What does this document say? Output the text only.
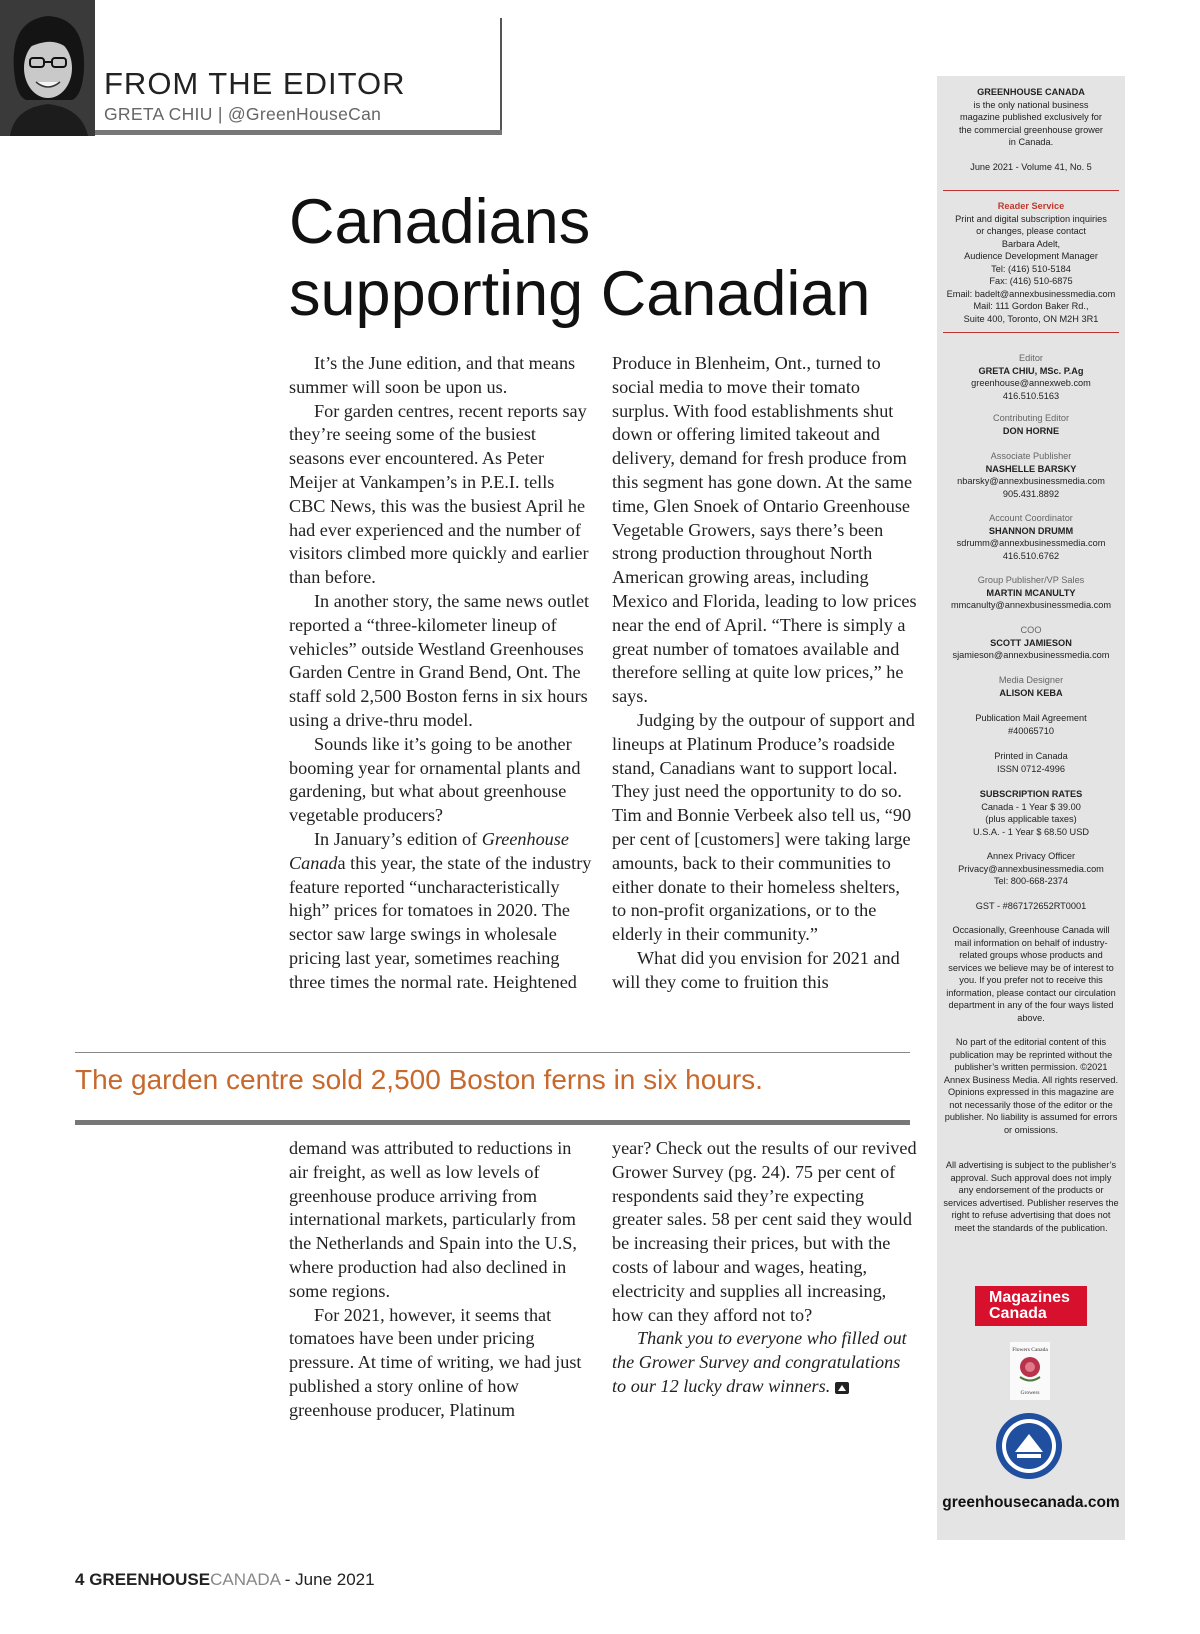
FROM THE EDITOR
GRETA CHIU | @GreenHouseCan
Canadians
supporting Canadian

It’s the June edition, and that means summer will soon be upon us.

For garden centres, recent reports say they’re seeing some of the busiest seasons ever encountered. As Peter Meijer at Vankampen’s in P.E.I. tells CBC News, this was the busiest April he had ever experienced and the number of visitors climbed more quickly and earlier than before.

In another story, the same news outlet reported a “three-kilometer lineup of vehicles” outside Westland Greenhouses Garden Centre in Grand Bend, Ont. The staff sold 2,500 Boston ferns in six hours using a drive-thru model.

Sounds like it’s going to be another booming year for ornamental plants and gardening, but what about greenhouse vegetable producers?

In January’s edition of Greenhouse Canada this year, the state of the industry feature reported “uncharacteristically high” prices for tomatoes in 2020. The sector saw large swings in wholesale pricing last year, sometimes reaching three times the normal rate. Heightened

Produce in Blenheim, Ont., turned to social media to move their tomato surplus. With food establishments shut down or offering limited takeout and delivery, demand for fresh produce from this segment has gone down. At the same time, Glen Snoek of Ontario Greenhouse Vegetable Growers, says there’s been strong production throughout North American growing areas, including Mexico and Florida, leading to low prices near the end of April. “There is simply a great number of tomatoes available and therefore selling at quite low prices,” he says.

Judging by the outpour of support and lineups at Platinum Produce’s roadside stand, Canadians want to support local. They just need the opportunity to do so. Tim and Bonnie Verbeek also tell us, “90 per cent of [customers] were taking large amounts, back to their communities to either donate to their homeless shelters, to non-profit organizations, or to the elderly in their community.”

What did you envision for 2021 and will they come to fruition this

The garden centre sold 2,500 Boston ferns in six hours.

demand was attributed to reductions in air freight, as well as low levels of greenhouse produce arriving from international markets, particularly from the Netherlands and Spain into the U.S, where production had also declined in some regions.

For 2021, however, it seems that tomatoes have been under pricing pressure. At time of writing, we had just published a story online of how greenhouse producer, Platinum

year? Check out the results of our revived Grower Survey (pg. 24). 75 per cent of respondents said they’re expecting greater sales. 58 per cent said they would be increasing their prices, but with the costs of labour and wages, heating, electricity and supplies all increasing, how can they afford not to?

Thank you to everyone who filled out the Grower Survey and congratulations to our 12 lucky draw winners.

GREENHOUSE CANADA
is the only national business magazine published exclusively for the commercial greenhouse grower in Canada.
June 2021 - Volume 41, No. 5
Reader Service
Print and digital subscription inquiries
or changes, please contact
Barbara Adelt,
Audience Development Manager
Tel: (416) 510-5184
Fax: (416) 510-6875
Email: badelt@annexbusinessmedia.com
Mail: 111 Gordon Baker Rd.,
Suite 400, Toronto, ON M2H 3R1
Editor
GRETA CHIU, MSc. P.Ag
greenhouse@annexweb.com
416.510.5163
Contributing Editor
DON HORNE
Associate Publisher
NASHELLE BARSKY
nbarsky@annexbusinessmedia.com
905.431.8892
Account Coordinator
SHANNON DRUMM
sdrumm@annexbusinessmedia.com
416.510.6762
Group Publisher/VP Sales
MARTIN MCANULTY
mmcanulty@annexbusinessmedia.com
COO
SCOTT JAMIESON
sjamieson@annexbusinessmedia.com
Media Designer
ALISON KEBA
Publication Mail Agreement
#40065710
Printed in Canada
ISSN 0712-4996
SUBSCRIPTION RATES
Canada - 1 Year $ 39.00
(plus applicable taxes)
U.S.A. - 1 Year $ 68.50 USD
Annex Privacy Officer
Privacy@annexbusinessmedia.com
Tel: 800-668-2374
GST - #867172652RT0001
Occasionally, Greenhouse Canada will mail information on behalf of industry-related groups whose products and services we believe may be of interest to you. If you prefer not to receive this information, please contact our circulation department in any of the four ways listed above.
No part of the editorial content of this publication may be reprinted without the publisher’s written permission. ©2021 Annex Business Media. All rights reserved. Opinions expressed in this magazine are not necessarily those of the editor or the publisher. No liability is assumed for errors or omissions.
All advertising is subject to the publisher’s approval. Such approval does not imply any endorsement of the products or services advertised. Publisher reserves the right to refuse advertising that does not meet the standards of the publication.
Magazines
Canada
Flowers Canada
Growers
greenhousecanada.com
4 GREENHOUSECANADA - June 2021
